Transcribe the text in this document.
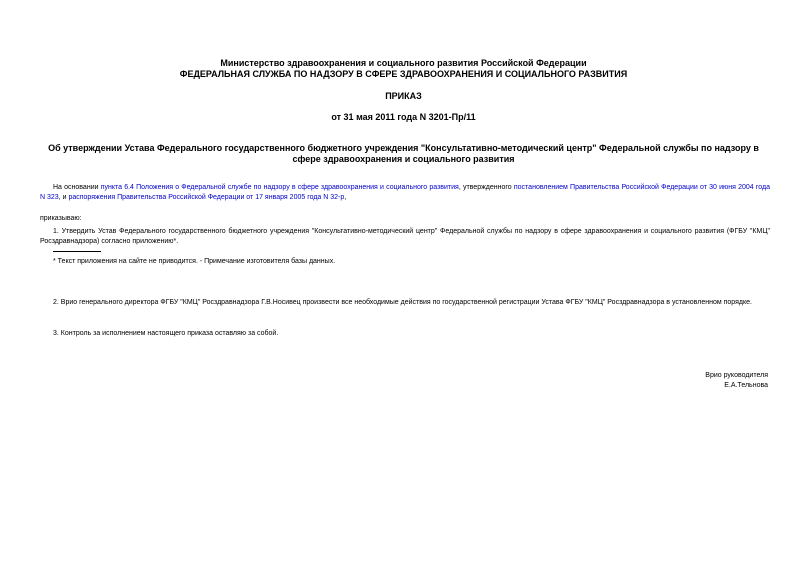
Министерство здравоохранения и социального развития Российской Федерации
ФЕДЕРАЛЬНАЯ СЛУЖБА ПО НАДЗОРУ В СФЕРЕ ЗДРАВООХРАНЕНИЯ И СОЦИАЛЬНОГО РАЗВИТИЯ
ПРИКАЗ
от 31 мая 2011 года N 3201-Пр/11
Об утверждении Устава Федерального государственного бюджетного учреждения "Консультативно-методический центр" Федеральной службы по надзору в сфере здравоохранения и социального развития
На основании пункта 6.4 Положения о Федеральной службе по надзору в сфере здравоохранения и социального развития, утвержденного постановлением Правительства Российской Федерации от 30 июня 2004 года N 323, и распоряжения Правительства Российской Федерации от 17 января 2005 года N 32-р,
приказываю:
1. Утвердить Устав Федерального государственного бюджетного учреждения "Консультативно-методический центр" Федеральной службы по надзору в сфере здравоохранения и социального развития (ФГБУ "КМЦ" Росздравнадзора) согласно приложению*.
* Текст приложения на сайте не приводится. - Примечание изготовителя базы данных.
2. Врио генерального директора ФГБУ "КМЦ" Росздравнадзора Г.В.Носивец произвести все необходимые действия по государственной регистрации Устава ФГБУ "КМЦ" Росздравнадзора в установленном порядке.
3. Контроль за исполнением настоящего приказа оставляю за собой.
Врио руководителя
Е.А.Тельнова
